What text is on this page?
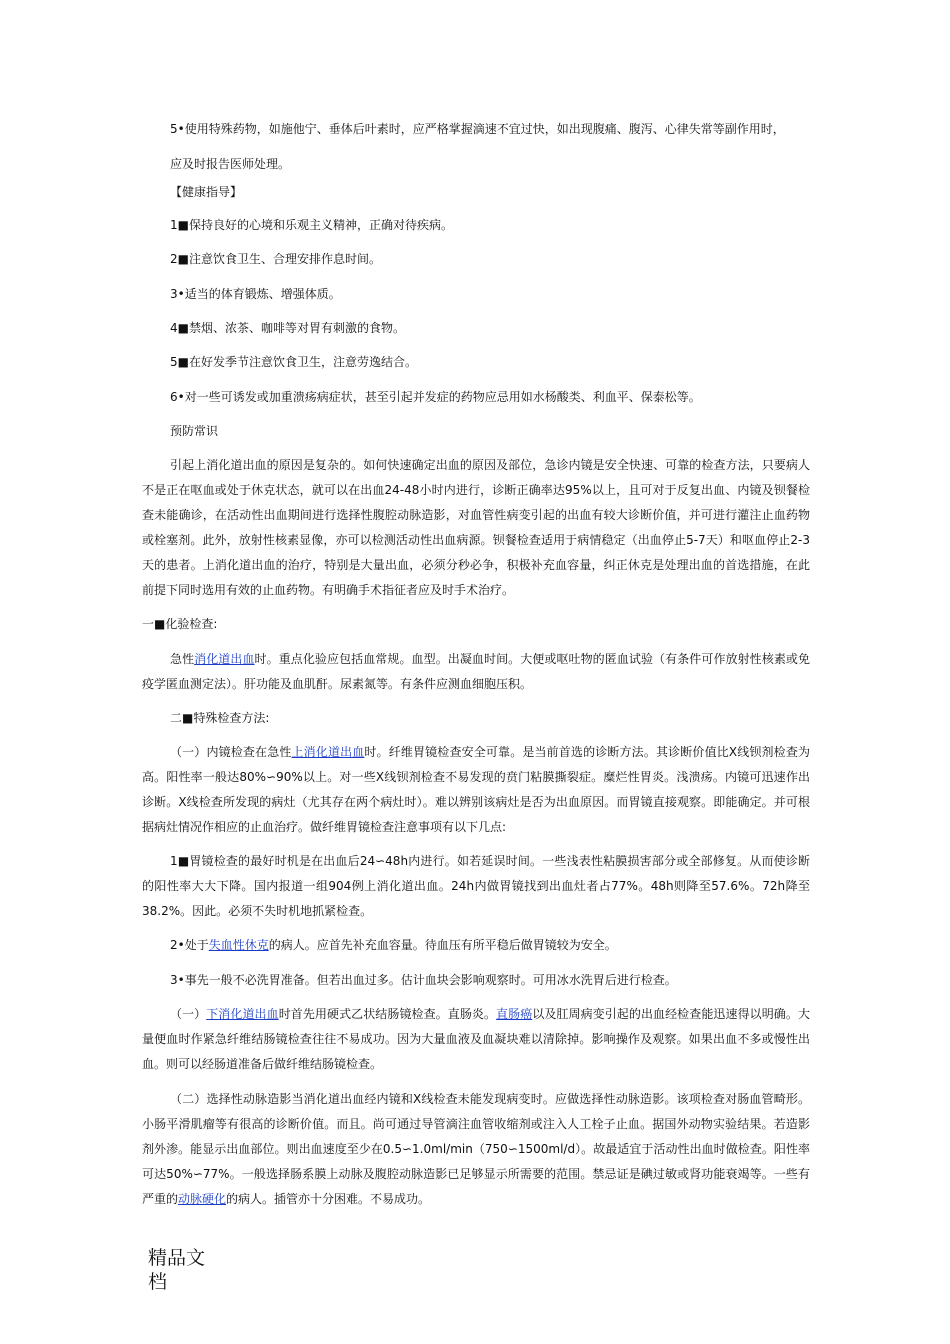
5•使用特殊药物，如施他宁、垂体后叶素时，应严格掌握滴速不宜过快，如出现腹痛、腹泻、心律失常等副作用时，

应及时报告医师处理。

【健康指导】

1■保持良好的心境和乐观主义精神，正确对待疾病。

2■注意饮食卫生、合理安排作息时间。

3•适当的体育锻炼、增强体质。

4■禁烟、浓茶、咖啡等对胃有刺激的食物。

5■在好发季节注意饮食卫生，注意劳逸结合。

6•对一些可诱发或加重溃疡病症状，甚至引起并发症的药物应忌用如水杨酸类、利血平、保泰松等。

预防常识

引起上消化道出血的原因是复杂的。如何快速确定出血的原因及部位，急诊内镜是安全快速、可靠的检查方法，只要病人不是正在呕血或处于休克状态，就可以在出血24-48小时内进行，诊断正确率达95%以上，且可对于反复出血、内镜及钡餐检查未能确诊，在活动性出血期间进行选择性腹腔动脉造影，对血管性病变引起的出血有较大诊断价值，并可进行灌注止血药物或栓塞剂。此外，放射性核素显像，亦可以检测活动性出血病源。钡餐检查适用于病情稳定（出血停止5-7天）和呕血停止2-3天的患者。上消化道出血的治疗，特别是大量出血，必须分秒必争，积极补充血容量，纠正休克是处理出血的首选措施，在此前提下同时选用有效的止血药物。有明确手术指征者应及时手术治疗。

一■化验检查:

急性消化道出血时。重点化验应包括血常规。血型。出凝血时间。大便或呕吐物的匿血试验（有条件可作放射性核素或免疫学匿血测定法）。肝功能及血肌酐。尿素氮等。有条件应测血细胞压积。

二■特殊检查方法:

（一）内镜检查在急性上消化道出血时。纤维胃镜检查安全可靠。是当前首选的诊断方法。其诊断价值比X线钡剂检查为高。阳性率一般达80%∽90%以上。对一些X线钡剂检查不易发现的贲门粘膜撕裂症。糜烂性胃炎。浅溃疡。内镜可迅速作出诊断。X线检查所发现的病灶（尤其存在两个病灶时）。难以辨别该病灶是否为出血原因。而胃镜直接观察。即能确定。并可根据病灶情况作相应的止血治疗。做纤维胃镜检查注意事项有以下几点:

1■胃镜检查的最好时机是在出血后24∽48h内进行。如若延误时间。一些浅表性粘膜损害部分或全部修复。从而使诊断的阳性率大大下降。国内报道一组904例上消化道出血。24h内做胃镜找到出血灶者占77%。48h则降至57.6%。72h降至38.2%。因此。必须不失时机地抓紧检查。

2•处于失血性休克的病人。应首先补充血容量。待血压有所平稳后做胃镜较为安全。

3•事先一般不必洗胃准备。但若出血过多。估计血块会影响观察时。可用冰水洗胃后进行检查。

（一）下消化道出血时首先用硬式乙状结肠镜检查。直肠炎。直肠癌以及肛周病变引起的出血经检查能迅速得以明确。大量便血时作紧急纤维结肠镜检查往往不易成功。因为大量血液及血凝块难以清除掉。影响操作及观察。如果出血不多或慢性出血。则可以经肠道准备后做纤维结肠镜检查。

（二）选择性动脉造影当消化道出血经内镜和X线检查未能发现病变时。应做选择性动脉造影。该项检查对肠血管畸形。小肠平滑肌瘤等有很高的诊断价值。而且。尚可通过导管滴注血管收缩剂或注入人工栓子止血。据国外动物实验结果。若造影剂外渗。能显示出血部位。则出血速度至少在0.5∽1.0ml/min（750∽1500ml/d）。故最适宜于活动性出血时做检查。阳性率可达50%∽77%。一般选择肠系膜上动脉及腹腔动脉造影已足够显示所需要的范围。禁忌证是碘过敏或肾功能衰竭等。一些有严重的动脉硬化的病人。插管亦十分困难。不易成功。

精品文档
